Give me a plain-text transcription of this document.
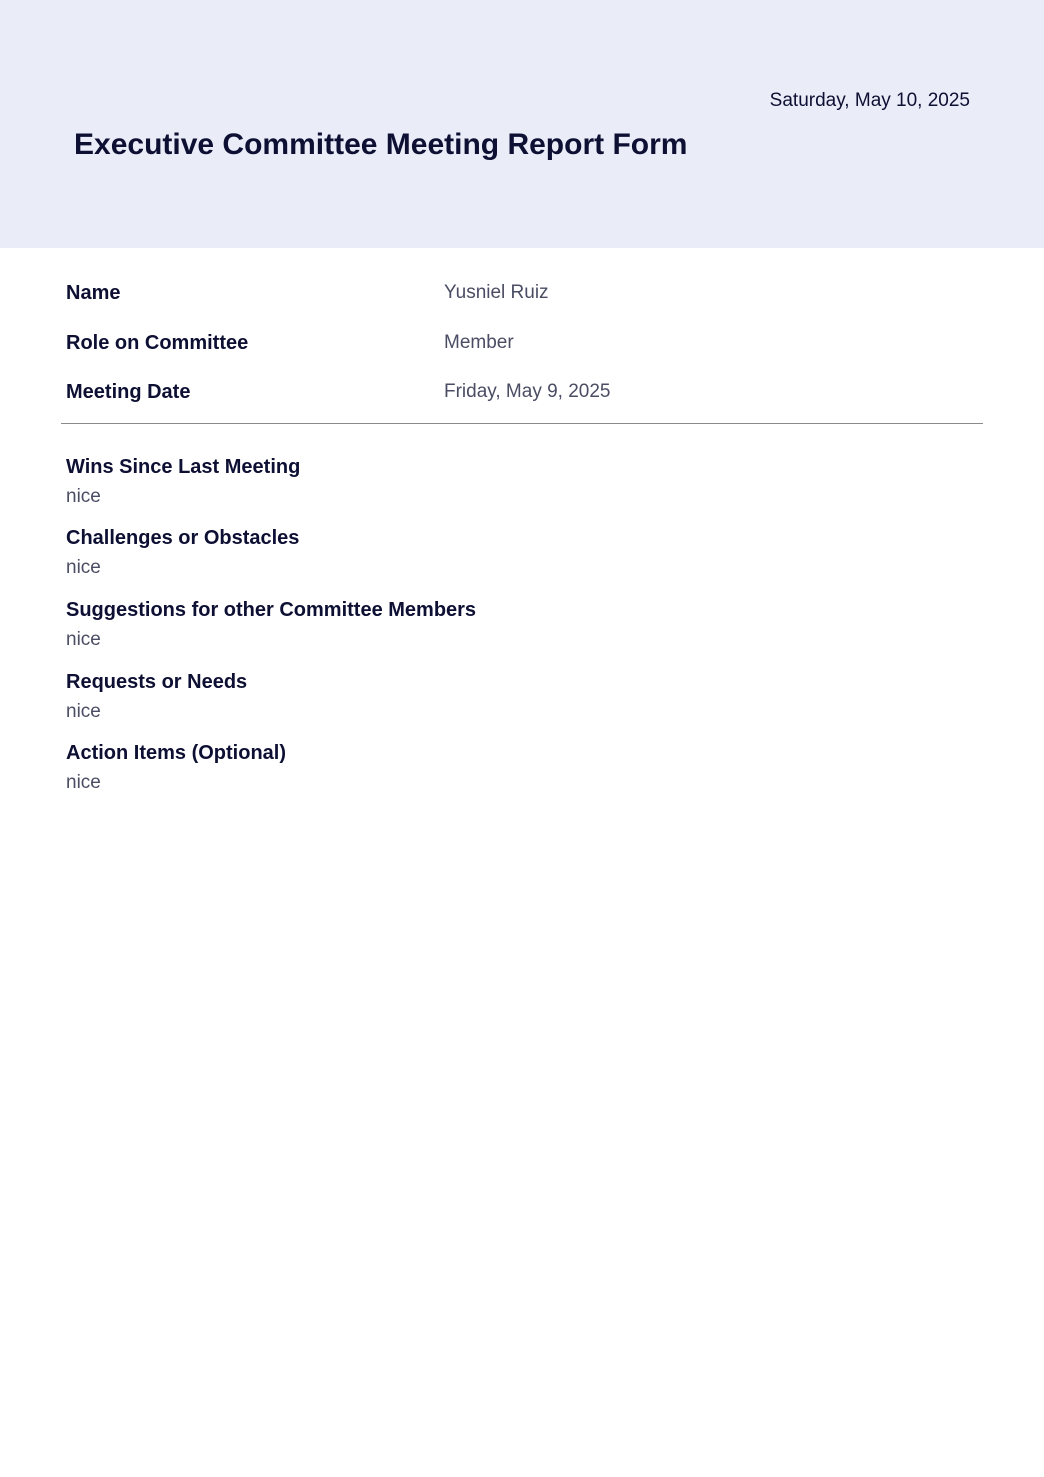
Saturday, May 10, 2025
Executive Committee Meeting Report Form
Name	Yusniel Ruiz
Role on Committee	Member
Meeting Date	Friday, May 9, 2025
Wins Since Last Meeting

nice

Challenges or Obstacles

nice

Suggestions for other Committee Members

nice

Requests or Needs

nice

Action Items (Optional)

nice
